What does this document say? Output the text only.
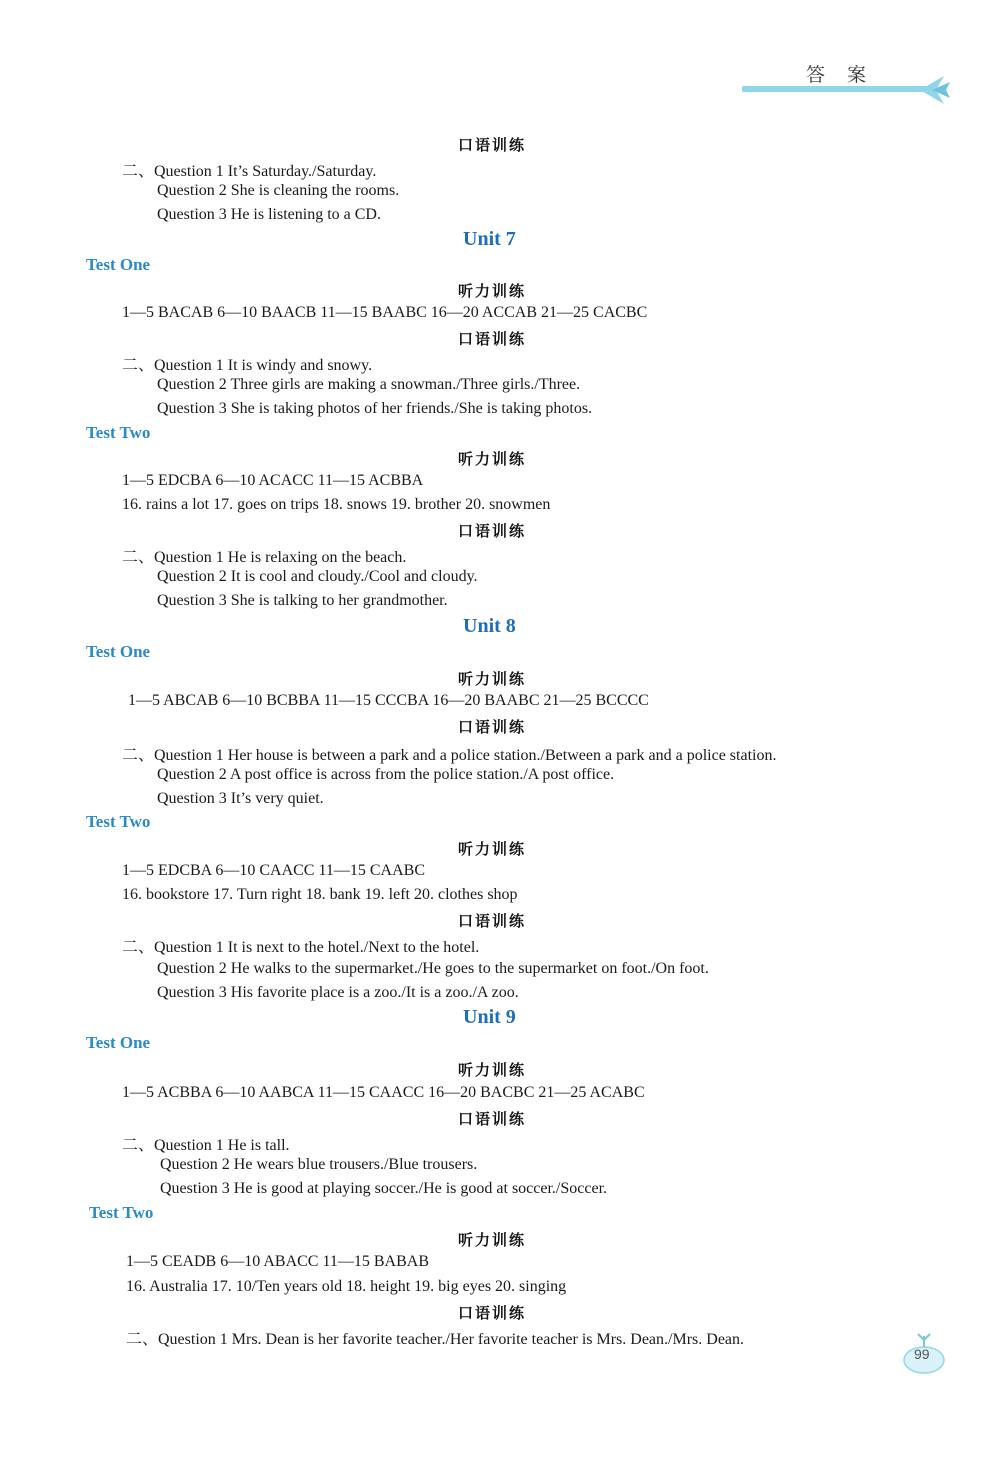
答 案
口语训练
二、Question 1 It’s Saturday./Saturday.
Question 2 She is cleaning the rooms.
Question 3 He is listening to a CD.
Unit 7
Test One
听力训练
1—5 BACAB 6—10 BAACB 11—15 BAABC 16—20 ACCAB 21—25 CACBC
口语训练
二、Question 1 It is windy and snowy.
Question 2 Three girls are making a snowman./Three girls./Three.
Question 3 She is taking photos of her friends./She is taking photos.
Test Two
听力训练
1—5 EDCBA 6—10 ACACC 11—15 ACBBA
16. rains a lot 17. goes on trips 18. snows 19. brother 20. snowmen
口语训练
二、Question 1 He is relaxing on the beach.
Question 2 It is cool and cloudy./Cool and cloudy.
Question 3 She is talking to her grandmother.
Unit 8
Test One
听力训练
1—5 ABCAB 6—10 BCBBA 11—15 CCCBA 16—20 BAABC 21—25 BCCCC
口语训练
二、Question 1 Her house is between a park and a police station./Between a park and a police station.
Question 2 A post office is across from the police station./A post office.
Question 3 It’s very quiet.
Test Two
听力训练
1—5 EDCBA 6—10 CAACC 11—15 CAABC
16. bookstore 17. Turn right 18. bank 19. left 20. clothes shop
口语训练
二、Question 1 It is next to the hotel./Next to the hotel.
Question 2 He walks to the supermarket./He goes to the supermarket on foot./On foot.
Question 3 His favorite place is a zoo./It is a zoo./A zoo.
Unit 9
Test One
听力训练
1—5 ACBBA 6—10 AABCA 11—15 CAACC 16—20 BACBC 21—25 ACABC
口语训练
二、Question 1 He is tall.
Question 2 He wears blue trousers./Blue trousers.
Question 3 He is good at playing soccer./He is good at soccer./Soccer.
Test Two
听力训练
1—5 CEADB 6—10 ABACC 11—15 BABAB
16. Australia 17. 10/Ten years old 18. height 19. big eyes 20. singing
口语训练
二、Question 1 Mrs. Dean is her favorite teacher./Her favorite teacher is Mrs. Dean./Mrs. Dean.
99
